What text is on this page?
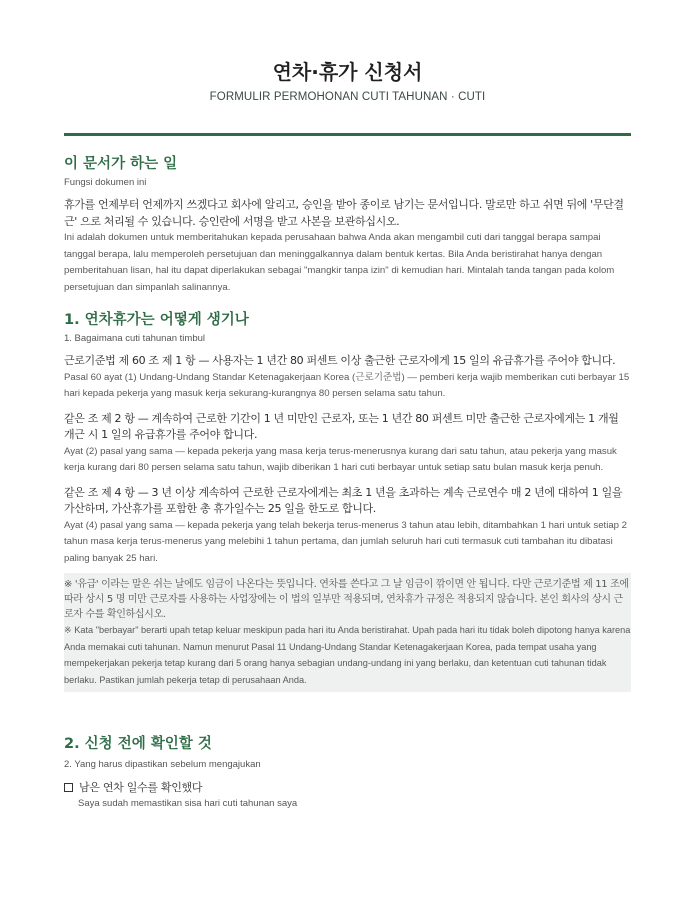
연차·휴가 신청서
FORMULIR PERMOHONAN CUTI TAHUNAN · CUTI
이 문서가 하는 일
Fungsi dokumen ini

휴가를 언제부터 언제까지 쓰겠다고 회사에 알리고, 승인을 받아 종이로 남기는 문서입니다. 말로만 하고 쉬면 뒤에 '무단결근' 으로 처리될 수 있습니다. 승인란에 서명을 받고 사본을 보관하십시오.

Ini adalah dokumen untuk memberitahukan kepada perusahaan bahwa Anda akan mengambil cuti dari tanggal berapa sampai tanggal berapa, lalu memperoleh persetujuan dan meninggalkannya dalam bentuk kertas. Bila Anda beristirahat hanya dengan pemberitahuan lisan, hal itu dapat diperlakukan sebagai "mangkir tanpa izin" di kemudian hari. Mintalah tanda tangan pada kolom persetujuan dan simpanlah salinannya.

1. 연차휴가는 어떻게 생기나
1. Bagaimana cuti tahunan timbul

근로기준법 제 60 조 제 1 항 — 사용자는 1 년간 80 퍼센트 이상 출근한 근로자에게 15 일의 유급휴가를 주어야 합니다.

Pasal 60 ayat (1) Undang-Undang Standar Ketenagakerjaan Korea (근로기준법) — pemberi kerja wajib memberikan cuti berbayar 15 hari kepada pekerja yang masuk kerja sekurang-kurangnya 80 persen selama satu tahun.

같은 조 제 2 항 — 계속하여 근로한 기간이 1 년 미만인 근로자, 또는 1 년간 80 퍼센트 미만 출근한 근로자에게는 1 개월 개근 시 1 일의 유급휴가를 주어야 합니다.

Ayat (2) pasal yang sama — kepada pekerja yang masa kerja terus-menerusnya kurang dari satu tahun, atau pekerja yang masuk kerja kurang dari 80 persen selama satu tahun, wajib diberikan 1 hari cuti berbayar untuk setiap satu bulan masuk kerja penuh.

같은 조 제 4 항 — 3 년 이상 계속하여 근로한 근로자에게는 최초 1 년을 초과하는 계속 근로연수 매 2 년에 대하여 1 일을 가산하며, 가산휴가를 포함한 총 휴가일수는 25 일을 한도로 합니다.

Ayat (4) pasal yang sama — kepada pekerja yang telah bekerja terus-menerus 3 tahun atau lebih, ditambahkan 1 hari untuk setiap 2 tahun masa kerja terus-menerus yang melebihi 1 tahun pertama, dan jumlah seluruh hari cuti termasuk cuti tambahan itu dibatasi paling banyak 25 hari.

※ '유급' 이라는 말은 쉬는 날에도 임금이 나온다는 뜻입니다. 연차를 쓴다고 그 날 임금이 깎이면 안 됩니다. 다만 근로기준법 제 11 조에 따라 상시 5 명 미만 근로자를 사용하는 사업장에는 이 법의 일부만 적용되며, 연차휴가 규정은 적용되지 않습니다. 본인 회사의 상시 근로자 수를 확인하십시오.

※ Kata "berbayar" berarti upah tetap keluar meskipun pada hari itu Anda beristirahat. Upah pada hari itu tidak boleh dipotong hanya karena Anda memakai cuti tahunan. Namun menurut Pasal 11 Undang-Undang Standar Ketenagakerjaan Korea, pada tempat usaha yang mempekerjakan pekerja tetap kurang dari 5 orang hanya sebagian undang-undang ini yang berlaku, dan ketentuan cuti tahunan tidak berlaku. Pastikan jumlah pekerja tetap di perusahaan Anda.

2. 신청 전에 확인할 것
2. Yang harus dipastikan sebelum mengajukan
남은 연차 일수를 확인했다
Saya sudah memastikan sisa hari cuti tahunan saya
